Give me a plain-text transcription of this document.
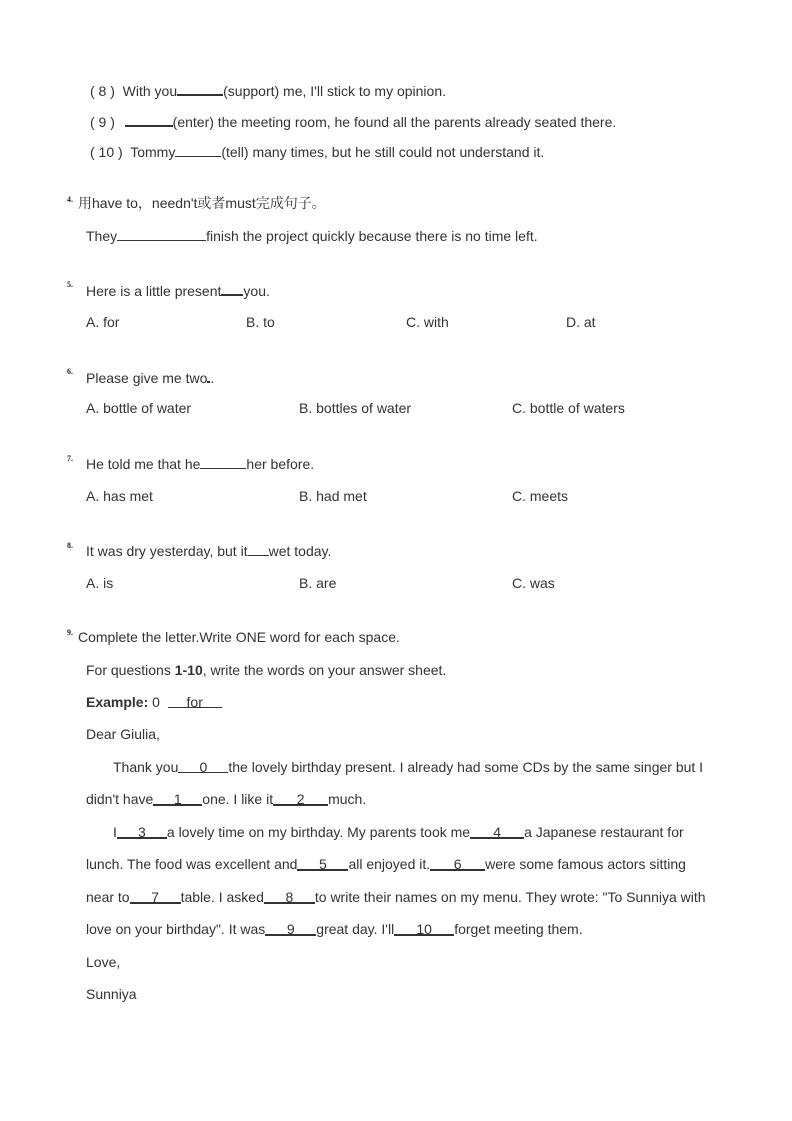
( 8 ) With you	(support) me, I'll stick to my opinion.
( 9 )	(enter) the meeting room, he found all the parents already seated there.
( 10 ) Tommy	(tell) many times, but he still could not understand it.
4. 用have to，needn't或者must完成句子。
They	finish the project quickly because there is no time left.
5. Here is a little present you.
A. for	B. to	C. with	D. at
6. Please give me two .
A. bottle of water	B. bottles of water	C. bottle of waters
7. He told me that he	her before.
A. has met	B. had met	C. meets
8. It was dry yesterday, but it wet today.
A. is	B. are	C. was
9. Complete the letter.Write ONE word for each space.
For questions 1-10, write the words on your answer sheet.
Example: 0 for
Dear Giulia,
Thank you 0 the lovely birthday present. I already had some CDs by the same singer but I
didn't have 1 one. I like it 2 much.
I 3 a lovely time on my birthday. My parents took me 4 a Japanese restaurant for
lunch. The food was excellent and 5 all enjoyed it. 6 were some famous actors sitting
near to 7 table. I asked 8 to write their names on my menu. They wrote: "To Sunniya with
love on your birthday". It was 9 great day. I'll 10 forget meeting them.
Love,
Sunniya
